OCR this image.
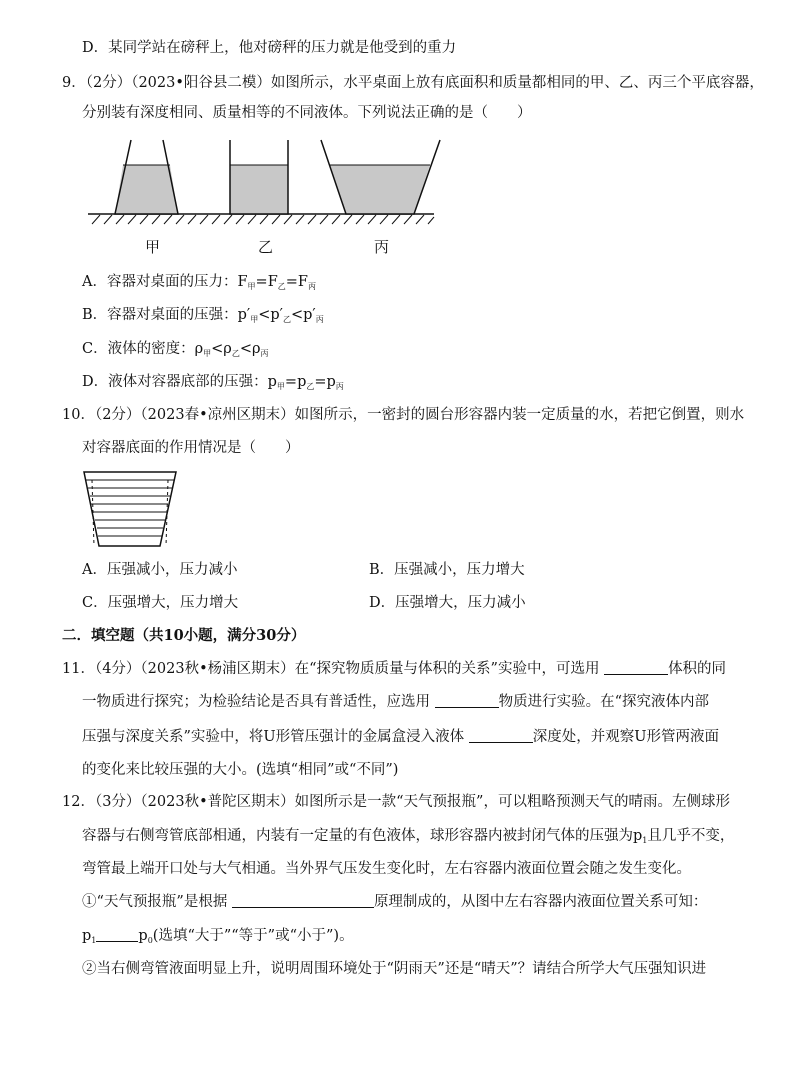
D．某同学站在磅秤上，他对磅秤的压力就是他受到的重力
9．（2分）（2023•阳谷县二模）如图所示，水平桌面上放有底面积和质量都相同的甲、乙、丙三个平底容器，
分别装有深度相同、质量相等的不同液体。下列说法正确的是（　　）
甲	乙	丙
A．容器对桌面的压力：$F_甲=F_乙=F_丙$
B．容器对桌面的压强：$p'_甲<p'_乙<p'_丙$
C．液体的密度：$\rho_甲<\rho_乙<\rho_丙$
D．液体对容器底部的压强：$p_甲=p_乙=p_丙$
10．（2分）（2023春•凉州区期末）如图所示，一密封的圆台形容器内装一定质量的水，若把它倒置，则水
对容器底面的作用情况是（　　）
A．压强减小，压力减小	B．压强减小，压力增大
C．压强增大，压力增大	D．压强增大，压力减小
二．填空题（共10小题，满分30分）
11．（4分）（2023秋•杨浦区期末）在“探究物质质量与体积的关系”实验中，可选用	体积的同
一物质进行探究；为检验结论是否具有普适性，应选用	物质进行实验。在“探究液体内部
压强与深度关系”实验中，将U形管压强计的金属盒浸入液体	深度处，并观察U形管两液面
的变化来比较压强的大小。(选填“相同”或“不同”)
12．（3分）（2023秋•普陀区期末）如图所示是一款“天气预报瓶”，可以粗略预测天气的晴雨。左侧球形
容器与右侧弯管底部相通，内装有一定量的有色液体，球形容器内被封闭气体的压强为$p_1$且几乎不变，
弯管最上端开口处与大气相通。当外界气压发生变化时，左右容器内液面位置会随之发生变化。
①“天气预报瓶”是根据	原理制成的，从图中左右容器内液面位置关系可知：
$p_1$	$p_0$(选填“大于”“等于”或“小于”)。
②当右侧弯管液面明显上升，说明周围环境处于“阴雨天”还是“晴天”？请结合所学大气压强知识进
